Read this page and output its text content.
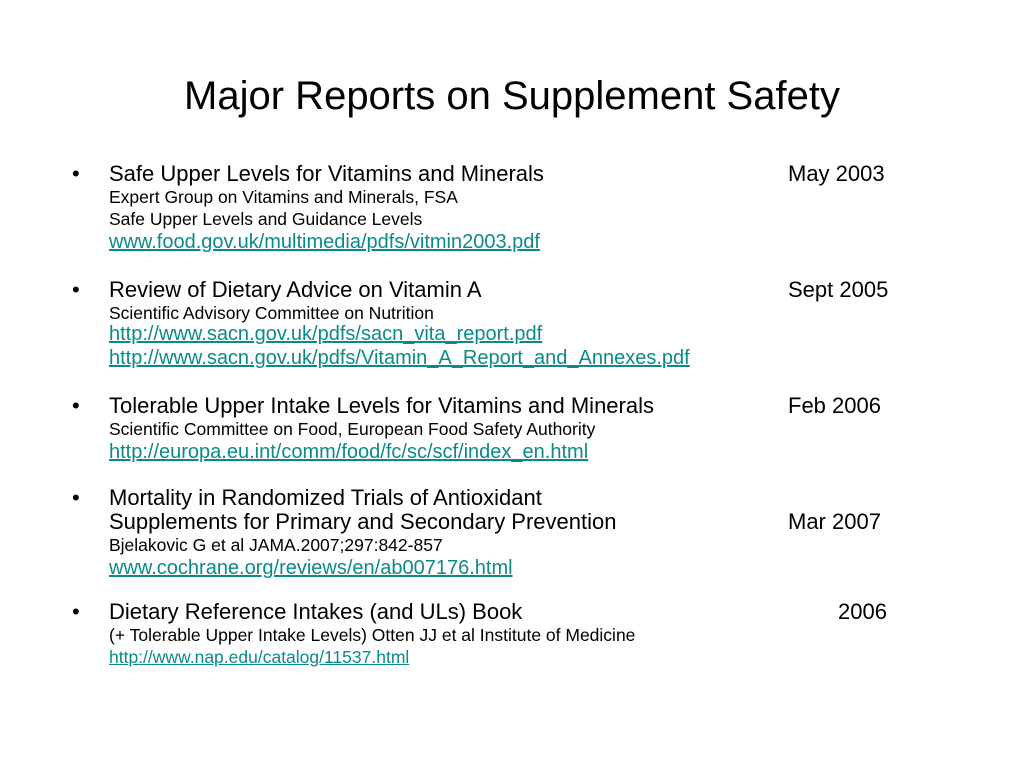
Major Reports on Supplement Safety
• Safe Upper Levels for Vitamins and Minerals	May 2003
Expert Group on Vitamins and Minerals, FSA
Safe Upper Levels and Guidance Levels
www.food.gov.uk/multimedia/pdfs/vitmin2003.pdf
• Review of Dietary Advice on Vitamin A	Sept 2005
Scientific Advisory Committee on Nutrition
http://www.sacn.gov.uk/pdfs/sacn_vita_report.pdf
http://www.sacn.gov.uk/pdfs/Vitamin_A_Report_and_Annexes.pdf
• Tolerable Upper Intake Levels for Vitamins and Minerals	Feb 2006
Scientific Committee on Food, European Food Safety Authority
http://europa.eu.int/comm/food/fc/sc/scf/index_en.html
• Mortality in Randomized Trials of Antioxidant
Supplements for Primary and Secondary Prevention	Mar 2007
Bjelakovic G et al JAMA.2007;297:842-857
www.cochrane.org/reviews/en/ab007176.html
• Dietary Reference Intakes (and ULs) Book	2006
(+ Tolerable Upper Intake Levels) Otten JJ et al Institute of Medicine
http://www.nap.edu/catalog/11537.html
